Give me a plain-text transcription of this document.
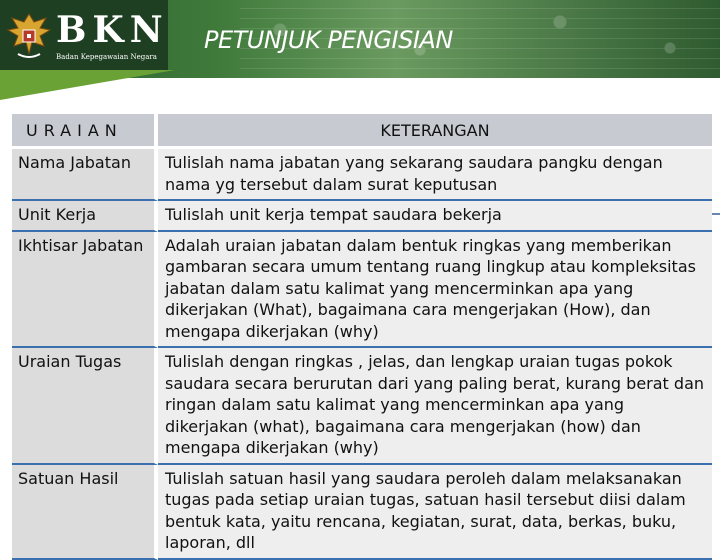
BKN
Badan Kepegawaian Negara
PETUNJUK PENGISIAN
URAIAN	KETERANGAN
Nama Jabatan	Tulislah nama jabatan yang sekarang saudara pangku dengan nama yg tersebut dalam surat keputusan
Unit Kerja	Tulislah unit kerja tempat saudara bekerja
Ikhtisar Jabatan	Adalah uraian jabatan dalam bentuk ringkas yang memberikan gambaran secara umum tentang ruang lingkup atau kompleksitas jabatan dalam satu kalimat yang mencerminkan apa yang dikerjakan (What), bagaimana cara mengerjakan (How), dan mengapa dikerjakan (why)
Uraian Tugas	Tulislah dengan ringkas , jelas, dan lengkap uraian tugas pokok saudara secara berurutan dari yang paling berat, kurang berat dan ringan dalam satu kalimat yang mencerminkan apa yang dikerjakan (what), bagaimana cara mengerjakan (how) dan mengapa dikerjakan (why)
Satuan Hasil	Tulislah satuan hasil yang saudara peroleh dalam melaksanakan tugas pada setiap uraian tugas, satuan hasil tersebut diisi dalam bentuk kata, yaitu rencana, kegiatan, surat, data, berkas, buku, laporan, dll
